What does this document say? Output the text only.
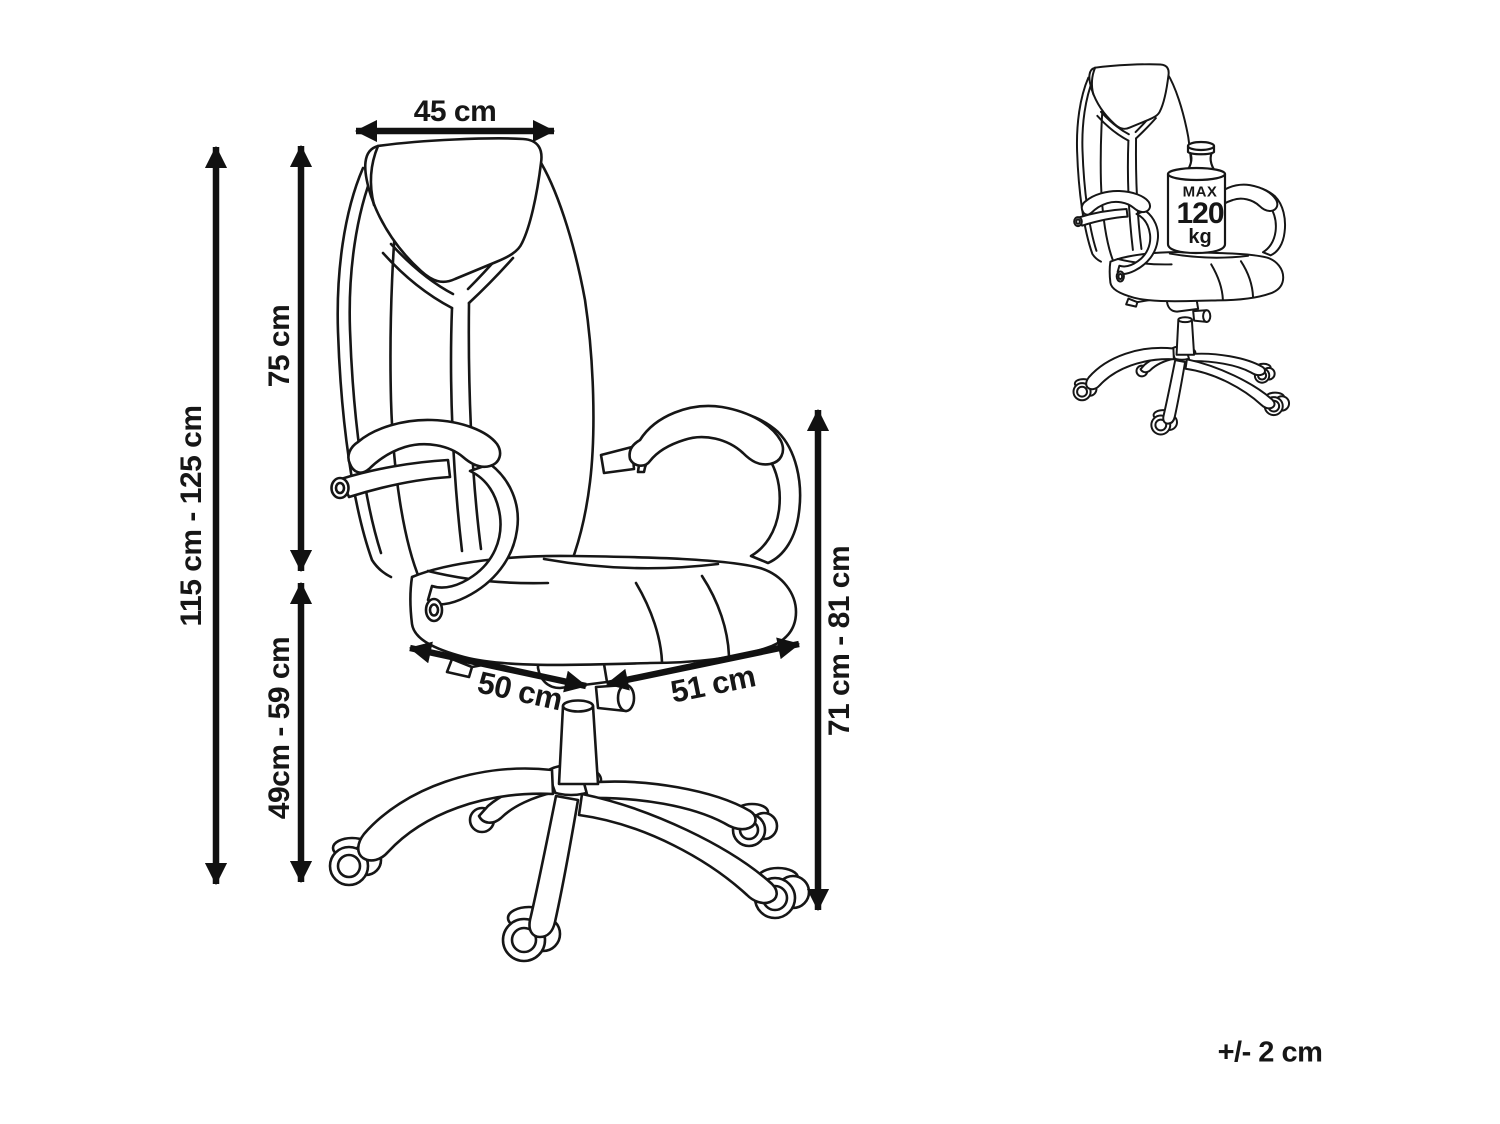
45 cm
115 cm - 125 cm
75 cm
49cm - 59 cm	71 cm - 81 cm
50 cm	51 cm
MAX
120
kg
+/- 2 cm
